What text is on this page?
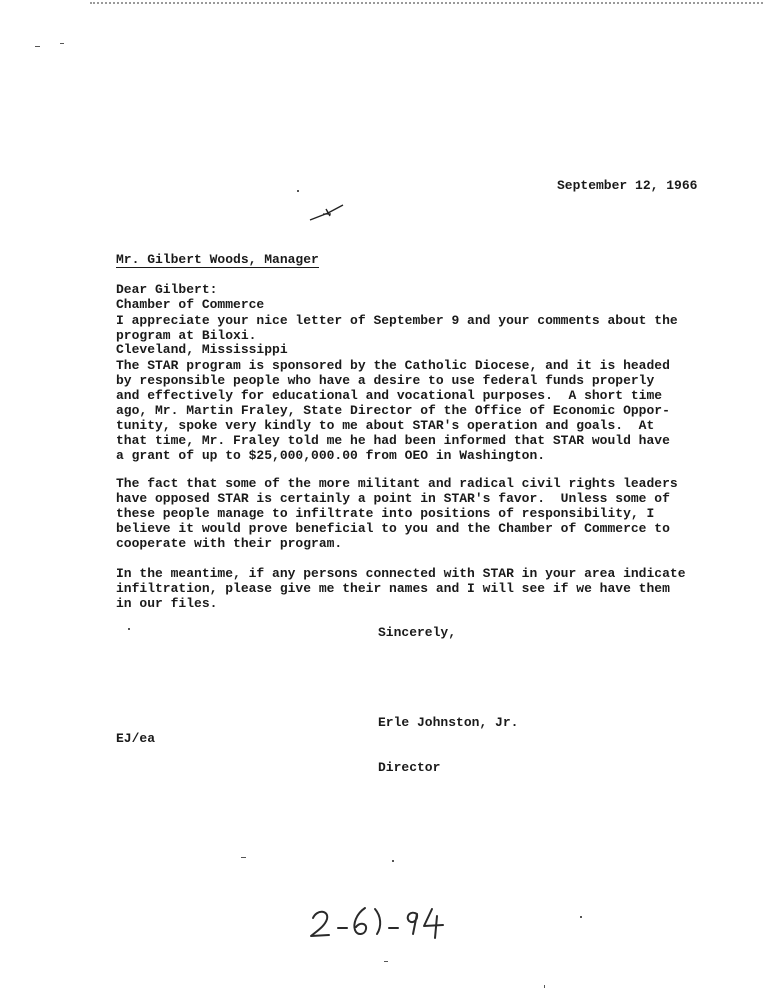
September 12, 1966

Mr. Gilbert Woods, Manager

Chamber of Commerce

Cleveland, Mississippi

Dear Gilbert:
I appreciate your nice letter of September 9 and your comments about the
program at Biloxi.
The STAR program is sponsored by the Catholic Diocese, and it is headed
by responsible people who have a desire to use federal funds properly
and effectively for educational and vocational purposes.  A short time
ago, Mr. Martin Fraley, State Director of the Office of Economic Oppor-
tunity, spoke very kindly to me about STAR's operation and goals.  At
that time, Mr. Fraley told me he had been informed that STAR would have
a grant of up to $25,000,000.00 from OEO in Washington.
The fact that some of the more militant and radical civil rights leaders
have opposed STAR is certainly a point in STAR's favor.  Unless some of
these people manage to infiltrate into positions of responsibility, I
believe it would prove beneficial to you and the Chamber of Commerce to
cooperate with their program.
In the meantime, if any persons connected with STAR in your area indicate
infiltration, please give me their names and I will see if we have them
in our files.
Sincerely,

Erle Johnston, Jr.

Director

EJ/ea
